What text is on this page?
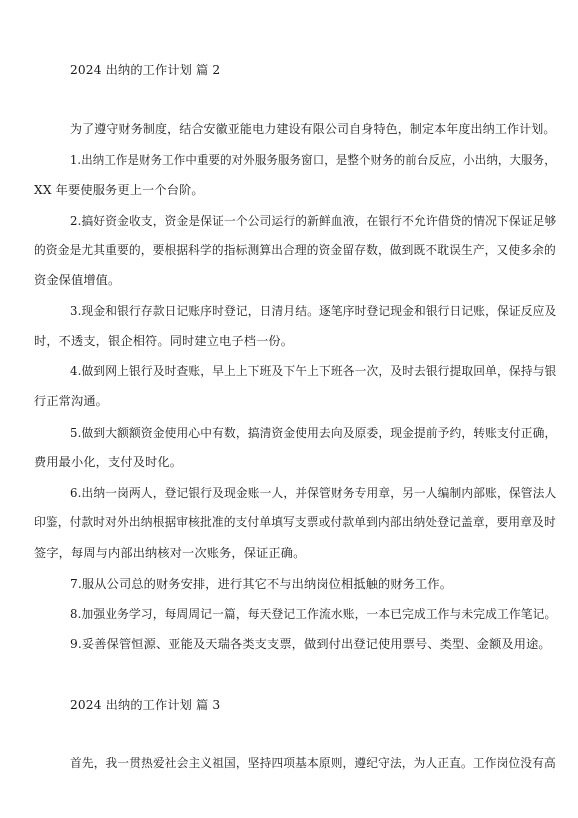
2024 出纳的工作计划 篇 2
为了遵守财务制度，结合安徽亚能电力建设有限公司自身特色，制定本年度出纳工作计划。
1.出纳工作是财务工作中重要的对外服务服务窗口，是整个财务的前台反应，小出纳，大服务，
XX 年要使服务更上一个台阶。
2.搞好资金收支，资金是保证一个公司运行的新鲜血液，在银行不允许借贷的情况下保证足够
的资金是尤其重要的，要根据科学的指标测算出合理的资金留存数，做到既不耽误生产，又使多余的
资金保值增值。
3.现金和银行存款日记账序时登记，日清月结。逐笔序时登记现金和银行日记账，保证反应及
时，不透支，银企相符。同时建立电子档一份。
4.做到网上银行及时查账，早上上下班及下午上下班各一次，及时去银行提取回单，保持与银
行正常沟通。
5.做到大额额资金使用心中有数，搞清资金使用去向及原委，现金提前予约，转账支付正确，
费用最小化，支付及时化。
6.出纳一岗两人，登记银行及现金账一人，并保管财务专用章，另一人编制内部账，保管法人
印鉴，付款时对外出纳根据审核批准的支付单填写支票或付款单到内部出纳处登记盖章，要用章及时
签字，每周与内部出纳核对一次账务，保证正确。
7.服从公司总的财务安排，进行其它不与出纳岗位相抵触的财务工作。
8.加强业务学习，每周周记一篇，每天登记工作流水账，一本已完成工作与未完成工作笔记。
9.妥善保管恒源、亚能及天瑞各类支支票，做到付出登记使用票号、类型、金额及用途。
2024 出纳的工作计划 篇 3
首先，我一贯热爱社会主义祖国，坚持四项基本原则，遵纪守法，为人正直。工作岗位没有高
